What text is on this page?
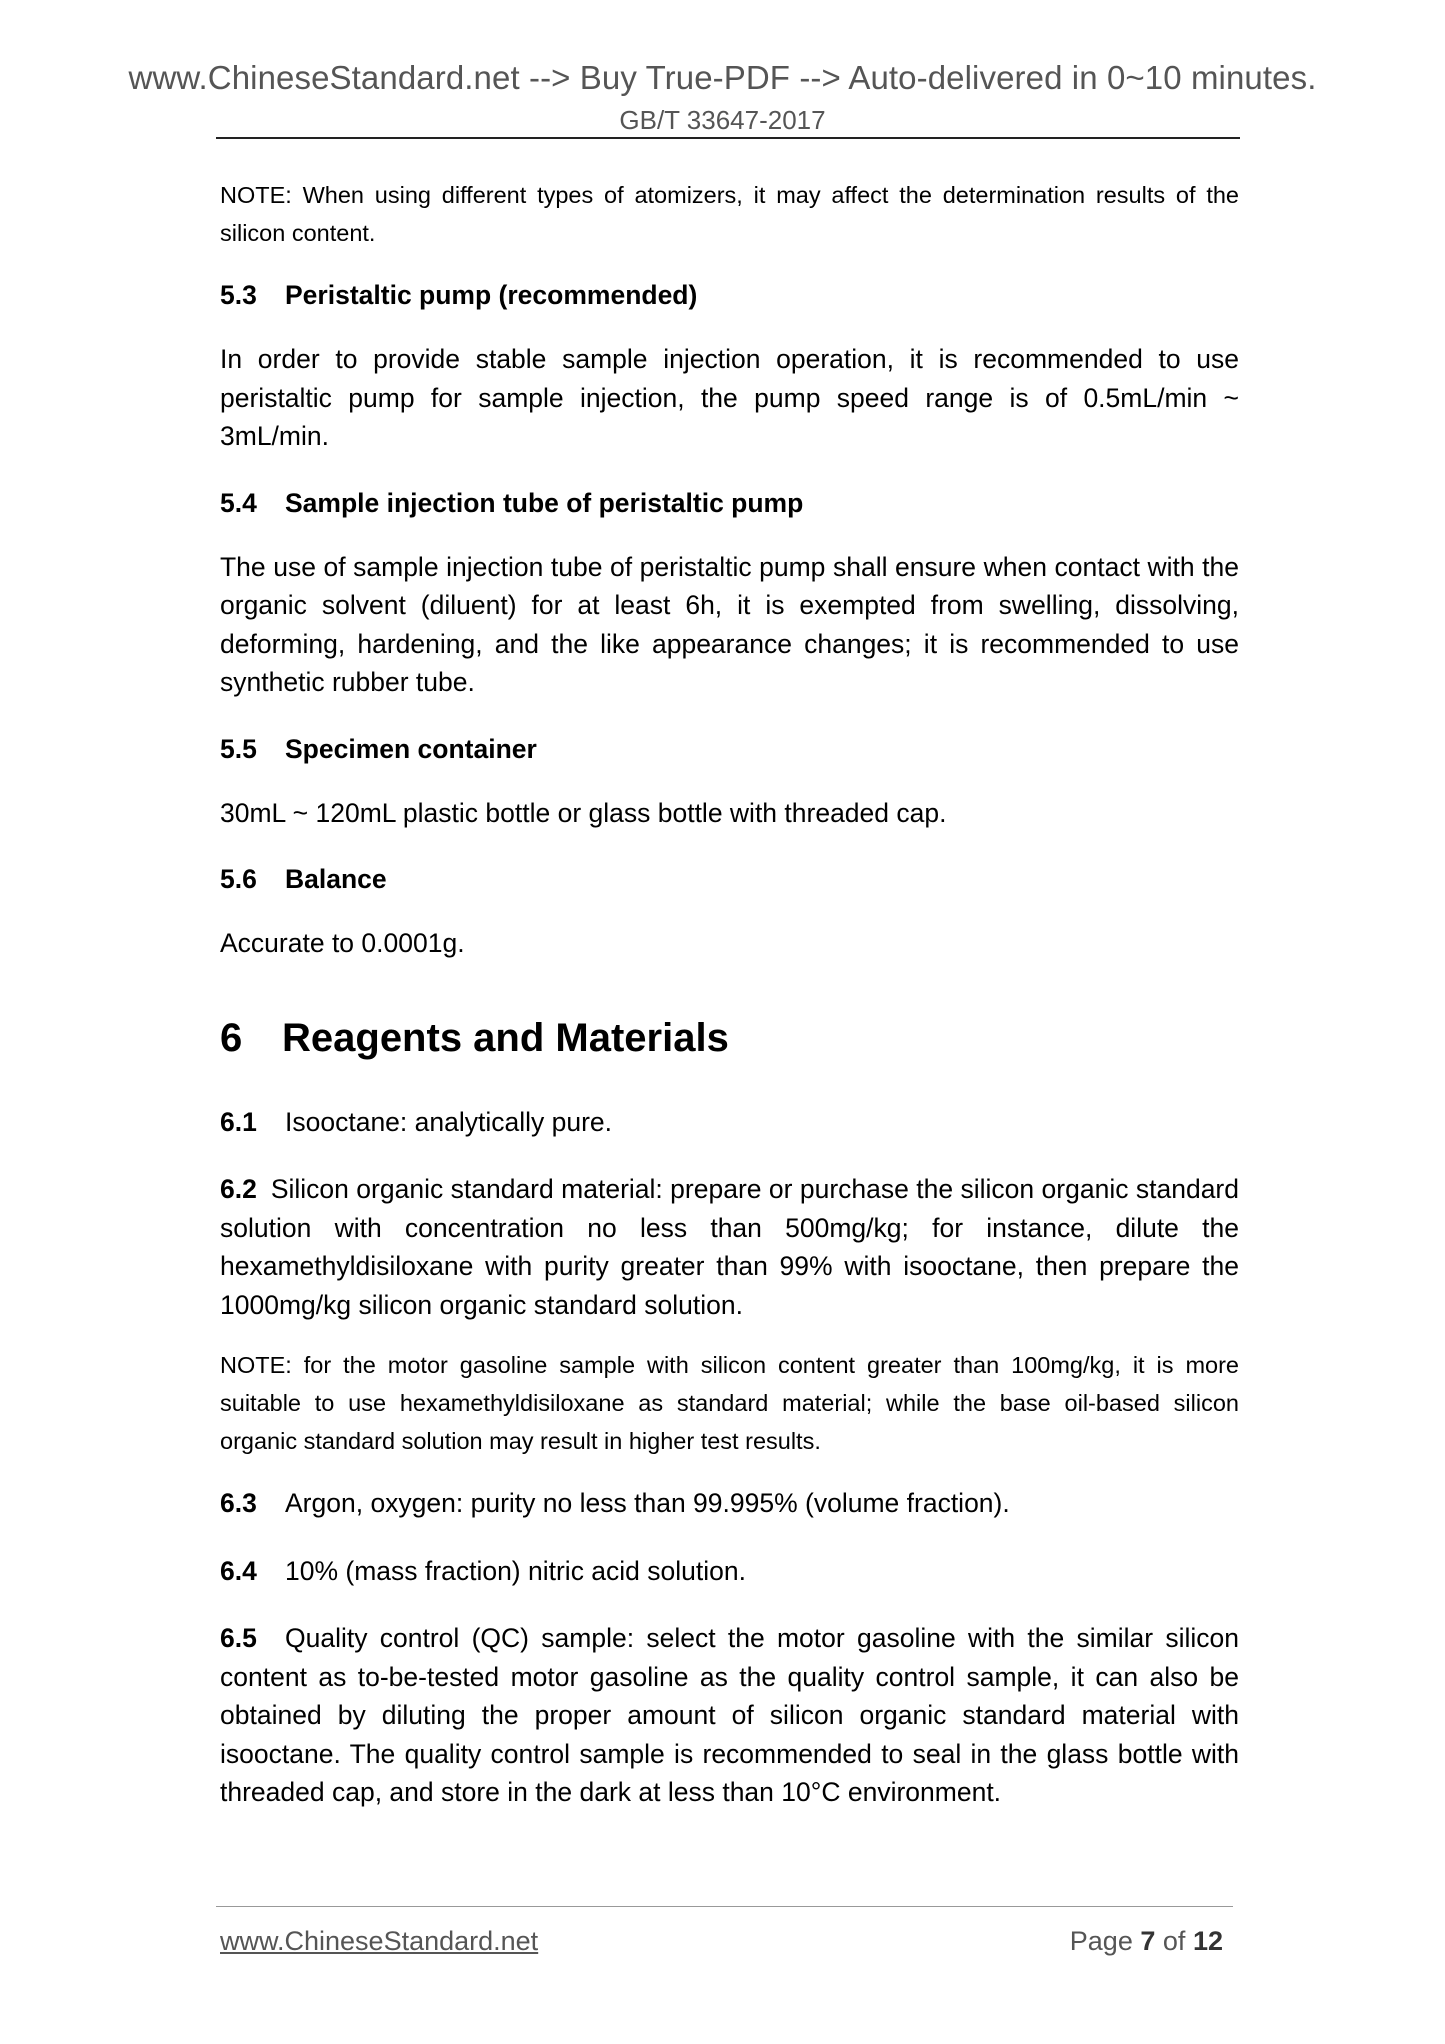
www.ChineseStandard.net --> Buy True-PDF --> Auto-delivered in 0~10 minutes.
GB/T 33647-2017

NOTE: When using different types of atomizers, it may affect the determination results of the silicon content.

5.3 Peristaltic pump (recommended)

In order to provide stable sample injection operation, it is recommended to use peristaltic pump for sample injection, the pump speed range is of 0.5mL/min ~ 3mL/min.

5.4 Sample injection tube of peristaltic pump

The use of sample injection tube of peristaltic pump shall ensure when contact with the organic solvent (diluent) for at least 6h, it is exempted from swelling, dissolving, deforming, hardening, and the like appearance changes; it is recommended to use synthetic rubber tube.

5.5 Specimen container

30mL ~ 120mL plastic bottle or glass bottle with threaded cap.

5.6 Balance

Accurate to 0.0001g.

6 Reagents and Materials

6.1 Isooctane: analytically pure.

6.2 Silicon organic standard material: prepare or purchase the silicon organic standard solution with concentration no less than 500mg/kg; for instance, dilute the hexamethyldisiloxane with purity greater than 99% with isooctane, then prepare the 1000mg/kg silicon organic standard solution.

NOTE: for the motor gasoline sample with silicon content greater than 100mg/kg, it is more suitable to use hexamethyldisiloxane as standard material; while the base oil-based silicon organic standard solution may result in higher test results.

6.3 Argon, oxygen: purity no less than 99.995% (volume fraction).

6.4 10% (mass fraction) nitric acid solution.

6.5 Quality control (QC) sample: select the motor gasoline with the similar silicon content as to-be-tested motor gasoline as the quality control sample, it can also be obtained by diluting the proper amount of silicon organic standard material with isooctane. The quality control sample is recommended to seal in the glass bottle with threaded cap, and store in the dark at less than 10°C environment.

www.ChineseStandard.net	Page 7 of 12
